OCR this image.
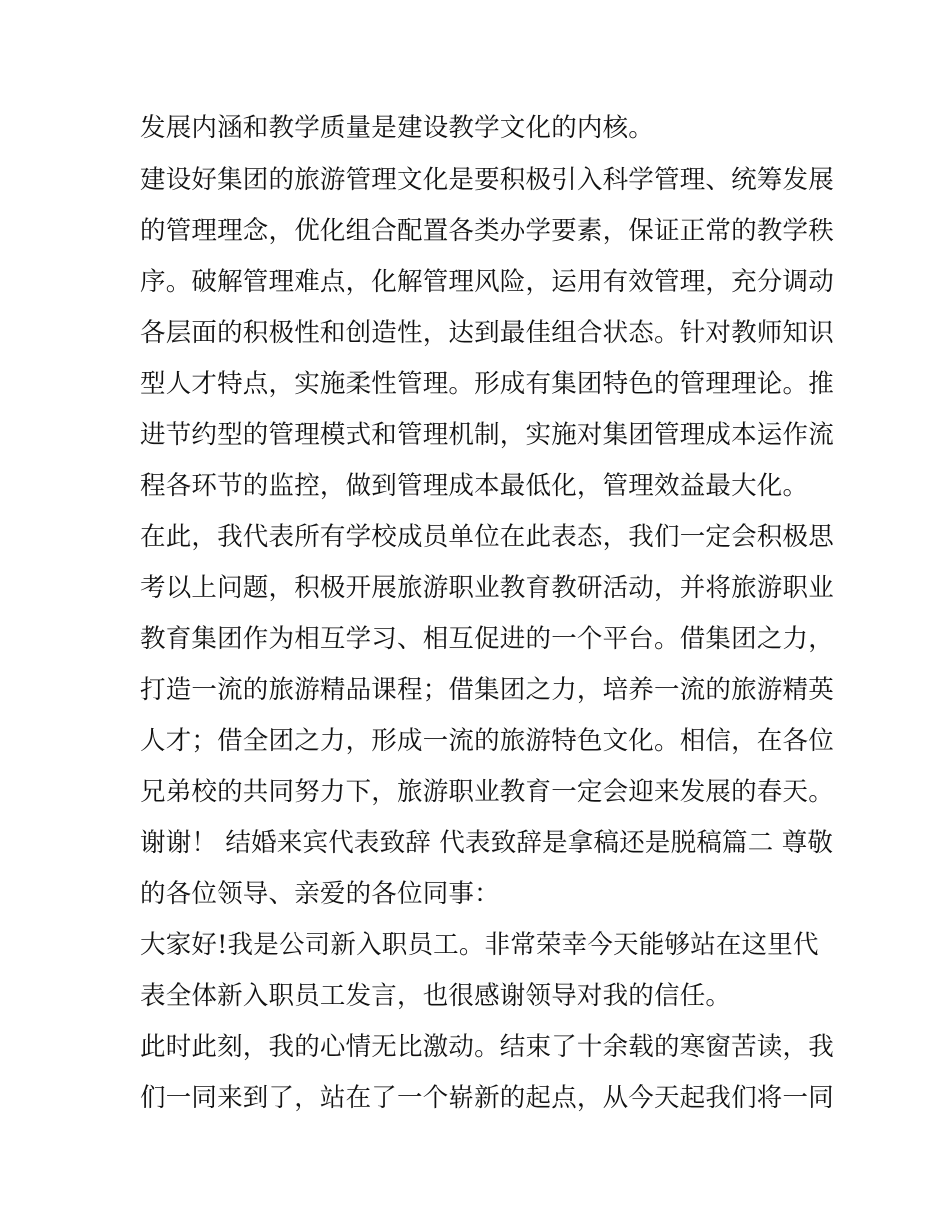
发展内涵和教学质量是建设教学文化的内核。
建设好集团的旅游管理文化是要积极引入科学管理、统筹发展
的管理理念，优化组合配置各类办学要素，保证正常的教学秩
序。破解管理难点，化解管理风险，运用有效管理，充分调动
各层面的积极性和创造性，达到最佳组合状态。针对教师知识
型人才特点，实施柔性管理。形成有集团特色的管理理论。推
进节约型的管理模式和管理机制，实施对集团管理成本运作流
程各环节的监控，做到管理成本最低化，管理效益最大化。
在此，我代表所有学校成员单位在此表态，我们一定会积极思
考以上问题，积极开展旅游职业教育教研活动，并将旅游职业
教育集团作为相互学习、相互促进的一个平台。借集团之力，
打造一流的旅游精品课程；借集团之力，培养一流的旅游精英
人才；借全团之力，形成一流的旅游特色文化。相信，在各位
兄弟校的共同努力下，旅游职业教育一定会迎来发展的春天。
谢谢！ 结婚来宾代表致辞 代表致辞是拿稿还是脱稿篇二 尊敬
的各位领导、亲爱的各位同事：
大家好!我是公司新入职员工。非常荣幸今天能够站在这里代
表全体新入职员工发言，也很感谢领导对我的信任。
此时此刻，我的心情无比激动。结束了十余载的寒窗苦读，我
们一同来到了，站在了一个崭新的起点，从今天起我们将一同
